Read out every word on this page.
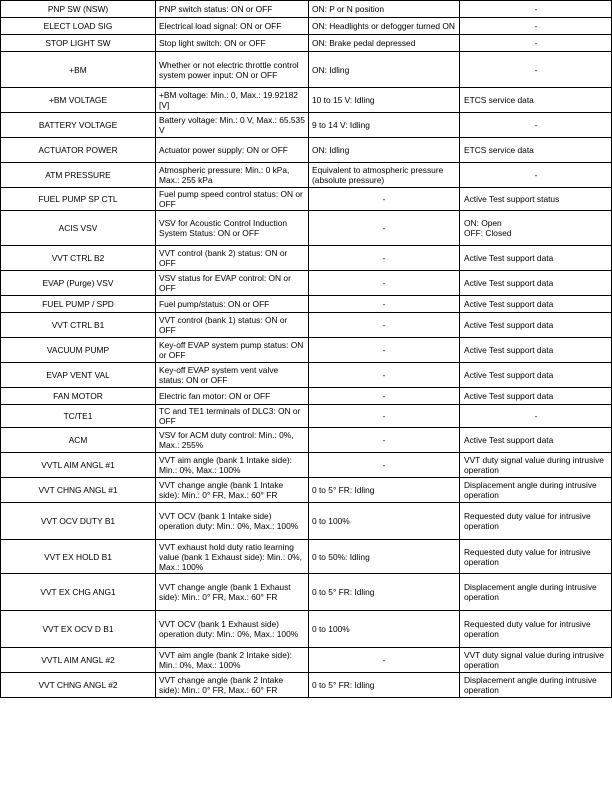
PNP SW (NSW)	PNP switch status: ON or OFF	ON: P or N position	-
ELECT LOAD SIG	Electrical load signal: ON or OFF	ON: Headlights or defogger turned ON	-
STOP LIGHT SW	Stop light switch: ON or OFF	ON: Brake pedal depressed	-
+BM	Whether or not electric throttle control system power input: ON or OFF	ON: Idling	-
+BM VOLTAGE	+BM voltage: Min.: 0, Max.: 19.92182 [V]	10 to 15 V: Idling	ETCS service data
BATTERY VOLTAGE	Battery voltage: Min.: 0 V, Max.: 65.535 V	9 to 14 V: Idling	-
ACTUATOR POWER	Actuator power supply: ON or OFF	ON: Idling	ETCS service data
ATM PRESSURE	Atmospheric pressure: Min.: 0 kPa, Max.: 255 kPa	Equivalent to atmospheric pressure (absolute pressure)	-
FUEL PUMP SP CTL	Fuel pump speed control status: ON or OFF	-	Active Test support status
ACIS VSV	VSV for Acoustic Control Induction System Status: ON or OFF	-	ON: Open
OFF: Closed
VVT CTRL B2	VVT control (bank 2) status: ON or OFF	-	Active Test support data
EVAP (Purge) VSV	VSV status for EVAP control: ON or OFF	-	Active Test support data
FUEL PUMP / SPD	Fuel pump/status: ON or OFF	-	Active Test support data
VVT CTRL B1	VVT control (bank 1) status: ON or OFF	-	Active Test support data
VACUUM PUMP	Key-off EVAP system pump status: ON or OFF	-	Active Test support data
EVAP VENT VAL	Key-off EVAP system vent valve status: ON or OFF	-	Active Test support data
FAN MOTOR	Electric fan motor: ON or OFF	-	Active Test support data
TC/TE1	TC and TE1 terminals of DLC3: ON or OFF	-	-
ACM	VSV for ACM duty control: Min.: 0%, Max.: 255%	-	Active Test support data
VVTL AIM ANGL #1	VVT aim angle (bank 1 Intake side): Min.: 0%, Max.: 100%	-	VVT duty signal value during intrusive operation
VVT CHNG ANGL #1	VVT change angle (bank 1 Intake side): Min.: 0° FR, Max.: 60° FR	0 to 5° FR: Idling	Displacement angle during intrusive operation
VVT OCV DUTY B1	VVT OCV (bank 1 Intake side) operation duty: Min.: 0%, Max.: 100%	0 to 100%	Requested duty value for intrusive operation
VVT EX HOLD B1	VVT exhaust hold duty ratio learning value (bank 1 Exhaust side): Min.: 0%, Max.: 100%	0 to 50%: Idling	Requested duty value for intrusive operation
VVT EX CHG ANG1	VVT change angle (bank 1 Exhaust side): Min.: 0° FR, Max.: 60° FR	0 to 5° FR: Idling	Displacement angle during intrusive operation
VVT EX OCV D B1	VVT OCV (bank 1 Exhaust side) operation duty: Min.: 0%, Max.: 100%	0 to 100%	Requested duty value for intrusive operation
VVTL AIM ANGL #2	VVT aim angle (bank 2 Intake side): Min.: 0%, Max.: 100%	-	VVT duty signal value during intrusive operation
VVT CHNG ANGL #2	VVT change angle (bank 2 Intake side): Min.: 0° FR, Max.: 60° FR	0 to 5° FR: Idling	Displacement angle during intrusive operation
